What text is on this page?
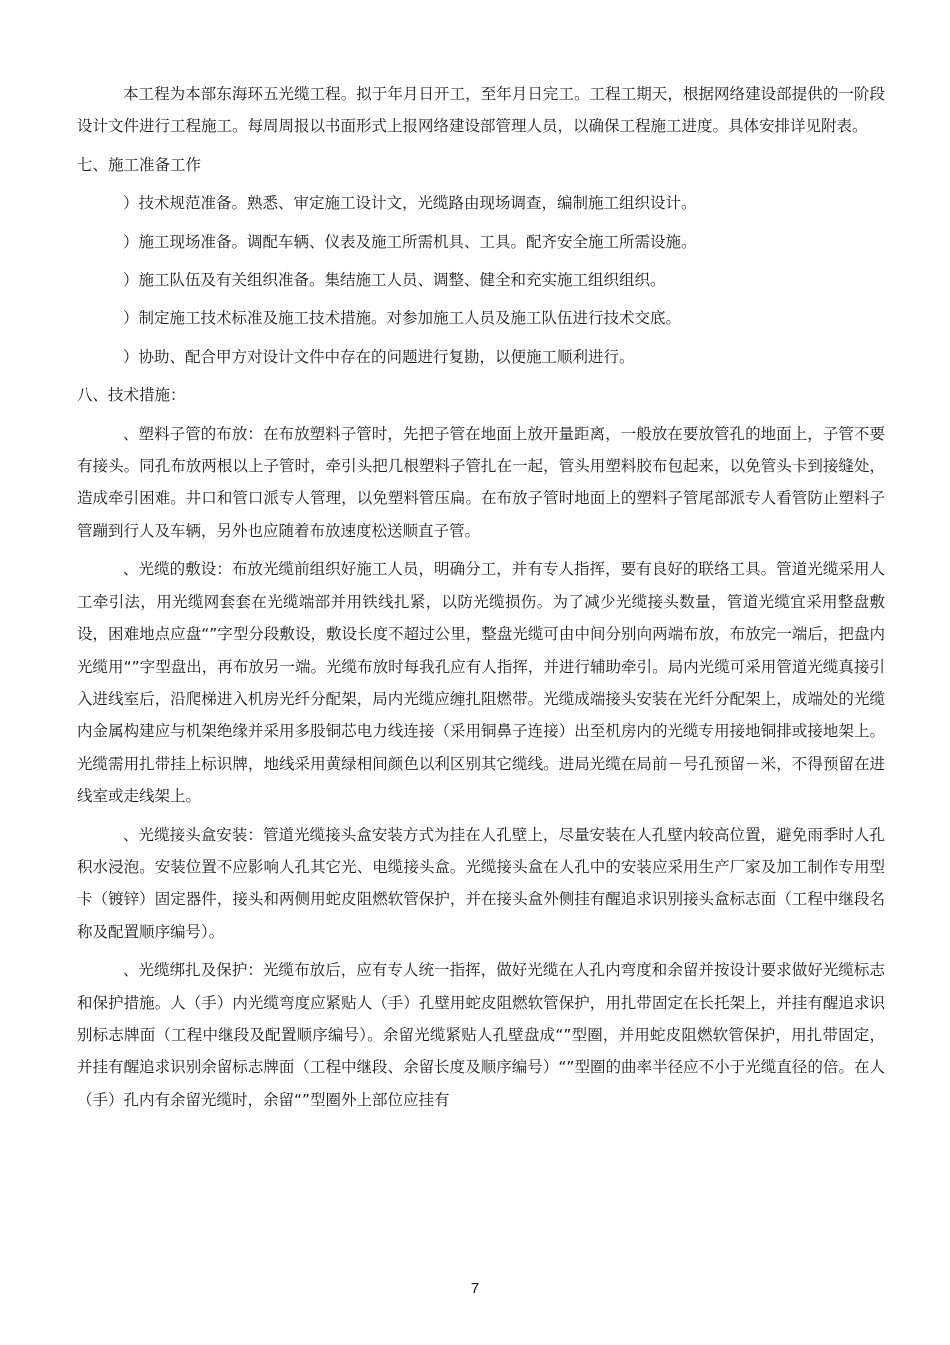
本工程为本部东海环五光缆工程。拟于年月日开工，至年月日完工。工程工期天，根据网络建设部提供的一阶段设计文件进行工程施工。每周周报以书面形式上报网络建设部管理人员，以确保工程施工进度。具体安排详见附表。

七、施工准备工作

）技术规范准备。熟悉、审定施工设计文，光缆路由现场调查，编制施工组织设计。

）施工现场准备。调配车辆、仪表及施工所需机具、工具。配齐安全施工所需设施。

）施工队伍及有关组织准备。集结施工人员、调整、健全和充实施工组织组织。

）制定施工技术标准及施工技术措施。对参加施工人员及施工队伍进行技术交底。

）协助、配合甲方对设计文件中存在的问题进行复勘，以便施工顺利进行。

八、技术措施：

、塑料子管的布放：在布放塑料子管时，先把子管在地面上放开量距离，一般放在要放管孔的地面上，子管不要有接头。同孔布放两根以上子管时，牵引头把几根塑料子管扎在一起，管头用塑料胶布包起来，以免管头卡到接缝处，造成牵引困难。井口和管口派专人管理，以免塑料管压扁。在布放子管时地面上的塑料子管尾部派专人看管防止塑料子管蹦到行人及车辆，另外也应随着布放速度松送顺直子管。

、光缆的敷设：布放光缆前组织好施工人员，明确分工，并有专人指挥，要有良好的联络工具。管道光缆采用人工牵引法，用光缆网套套在光缆端部并用铁线扎紧，以防光缆损伤。为了减少光缆接头数量，管道光缆宜采用整盘敷设，困难地点应盘“”字型分段敷设，敷设长度不超过公里，整盘光缆可由中间分别向两端布放，布放完一端后，把盘内光缆用“”字型盘出，再布放另一端。光缆布放时每我孔应有人指挥，并进行辅助牵引。局内光缆可采用管道光缆真接引入进线室后，沿爬梯进入机房光纤分配架，局内光缆应缠扎阻燃带。光缆成端接头安装在光纤分配架上，成端处的光缆内金属构建应与机架绝缘并采用多股铜芯电力线连接（采用铜鼻子连接）出至机房内的光缆专用接地铜排或接地架上。光缆需用扎带挂上标识牌，地线采用黄绿相间颜色以利区别其它缆线。进局光缆在局前－号孔预留－米，不得预留在进线室或走线架上。

、光缆接头盒安装：管道光缆接头盒安装方式为挂在人孔壁上，尽量安装在人孔壁内较高位置，避免雨季时人孔积水浸泡。安装位置不应影响人孔其它光、电缆接头盒。光缆接头盒在人孔中的安装应采用生产厂家及加工制作专用型卡（镀锌）固定器件，接头和两侧用蛇皮阻燃软管保护，并在接头盒外侧挂有醒追求识别接头盒标志面（工程中继段名称及配置顺序编号）。

、光缆绑扎及保护：光缆布放后，应有专人统一指挥，做好光缆在人孔内弯度和余留并按设计要求做好光缆标志和保护措施。人（手）内光缆弯度应紧贴人（手）孔壁用蛇皮阻燃软管保护，用扎带固定在长托架上，并挂有醒追求识别标志牌面（工程中继段及配置顺序编号）。余留光缆紧贴人孔壁盘成“”型圈，并用蛇皮阻燃软管保护，用扎带固定，并挂有醒追求识别余留标志牌面（工程中继段、余留长度及顺序编号）“”型圈的曲率半径应不小于光缆直径的倍。在人（手）孔内有余留光缆时，余留“”型圈外上部位应挂有

7
